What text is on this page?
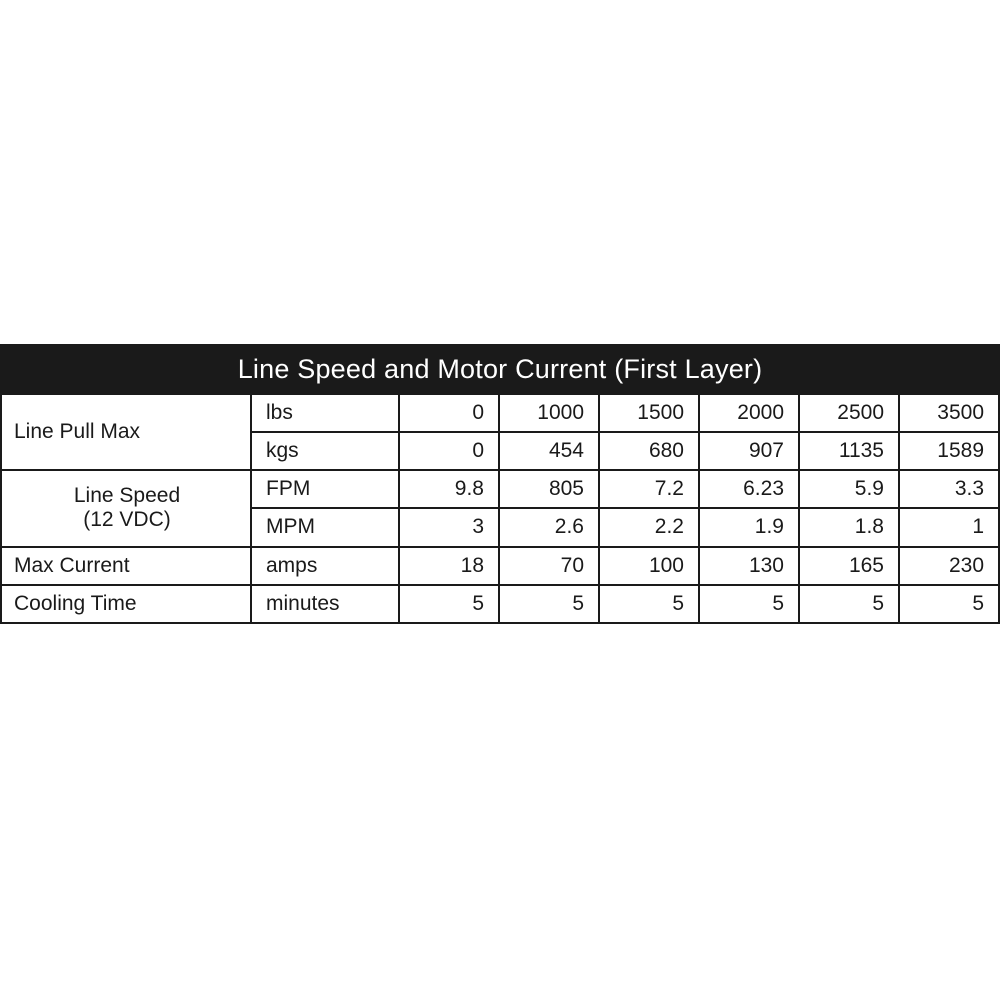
Line Speed and Motor Current (First Layer)							
Line Pull Max	lbs	0	1000	1500	2000	2500	3500
	kgs	0	454	680	907	1135	1589

Line Speed
(12 VDC)	FPM	9.8	805	7.2	6.23	5.9	3.3
	MPM	3	2.6	2.2	1.9	1.8	1
Max Current	amps	18	70	100	130	165	230
Cooling Time	minutes	5	5	5	5	5	5
